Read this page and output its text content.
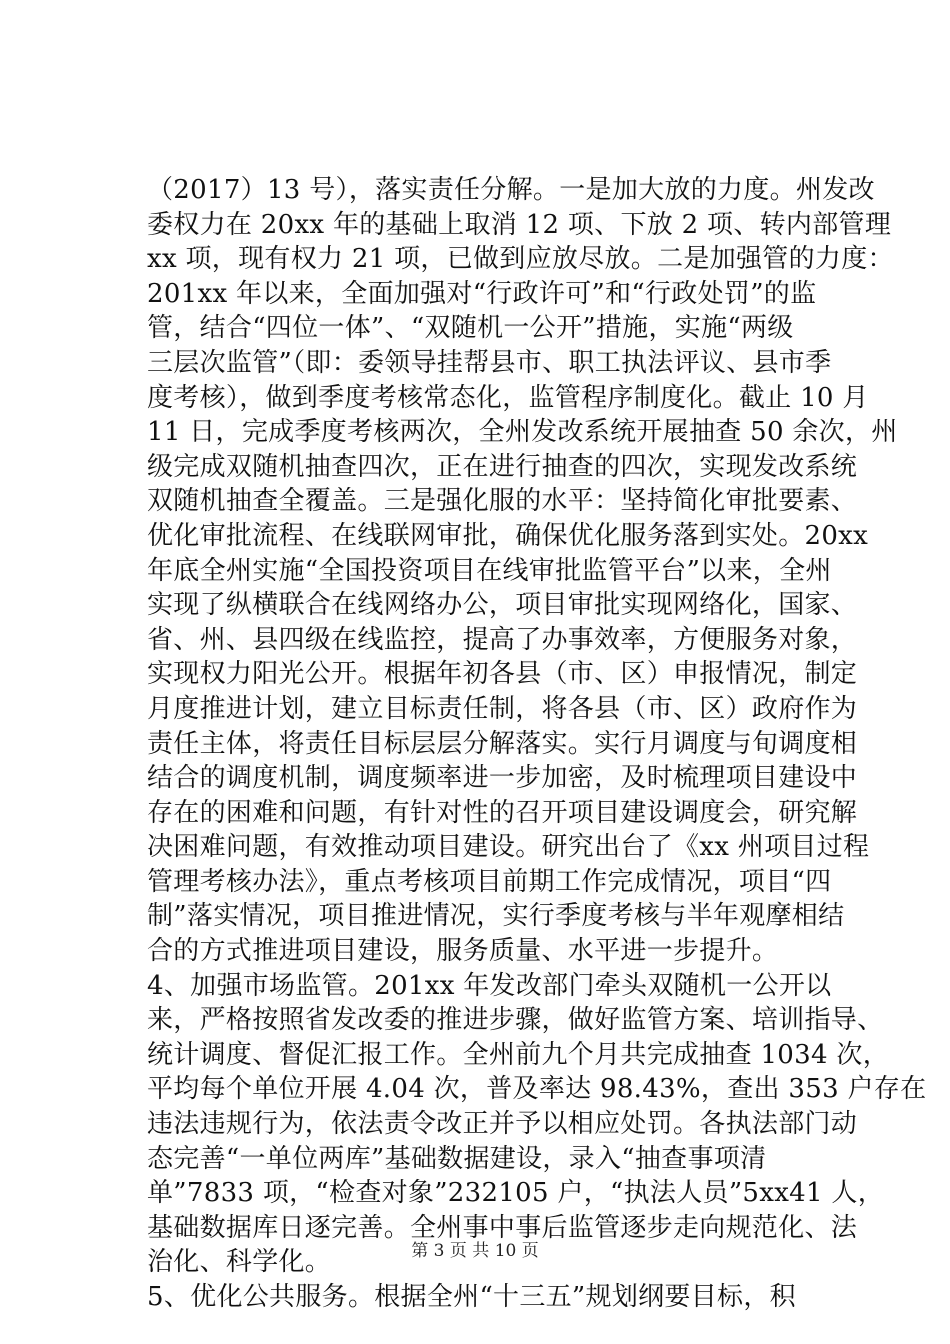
（2017）13 号），落实责任分解。一是加大放的力度。州发改
委权力在 20xx 年的基础上取消 12 项、下放 2 项、转内部管理
xx 项，现有权力 21 项，已做到应放尽放。二是加强管的力度：
201xx 年以来，全面加强对“行政许可”和“行政处罚”的监
管，结合“四位一体”、“双随机一公开”措施，实施“两级
三层次监管”（即：委领导挂帮县市、职工执法评议、县市季
度考核），做到季度考核常态化，监管程序制度化。截止 10 月
11 日，完成季度考核两次，全州发改系统开展抽查 50 余次，州
级完成双随机抽查四次，正在进行抽查的四次，实现发改系统
双随机抽查全覆盖。三是强化服的水平：坚持简化审批要素、
优化审批流程、在线联网审批，确保优化服务落到实处。20xx
年底全州实施“全国投资项目在线审批监管平台”以来，全州
实现了纵横联合在线网络办公，项目审批实现网络化，国家、
省、州、县四级在线监控，提高了办事效率，方便服务对象，
实现权力阳光公开。根据年初各县（市、区）申报情况，制定
月度推进计划，建立目标责任制，将各县（市、区）政府作为
责任主体，将责任目标层层分解落实。实行月调度与旬调度相
结合的调度机制，调度频率进一步加密，及时梳理项目建设中
存在的困难和问题，有针对性的召开项目建设调度会，研究解
决困难问题，有效推动项目建设。研究出台了《xx 州项目过程
管理考核办法》，重点考核项目前期工作完成情况，项目“四
制”落实情况，项目推进情况，实行季度考核与半年观摩相结
合的方式推进项目建设，服务质量、水平进一步提升。
4、加强市场监管。201xx 年发改部门牵头双随机一公开以
来，严格按照省发改委的推进步骤，做好监管方案、培训指导、
统计调度、督促汇报工作。全州前九个月共完成抽查 1034 次，
平均每个单位开展 4.04 次，普及率达 98.43%，查出 353 户存在
违法违规行为，依法责令改正并予以相应处罚。各执法部门动
态完善“一单位两库”基础数据建设，录入“抽查事项清
单”7833 项，“检查对象”232105 户，“执法人员”5xx41 人，
基础数据库日逐完善。全州事中事后监管逐步走向规范化、法
治化、科学化。
5、优化公共服务。根据全州“十三五”规划纲要目标，积
第 3 页 共 10 页
